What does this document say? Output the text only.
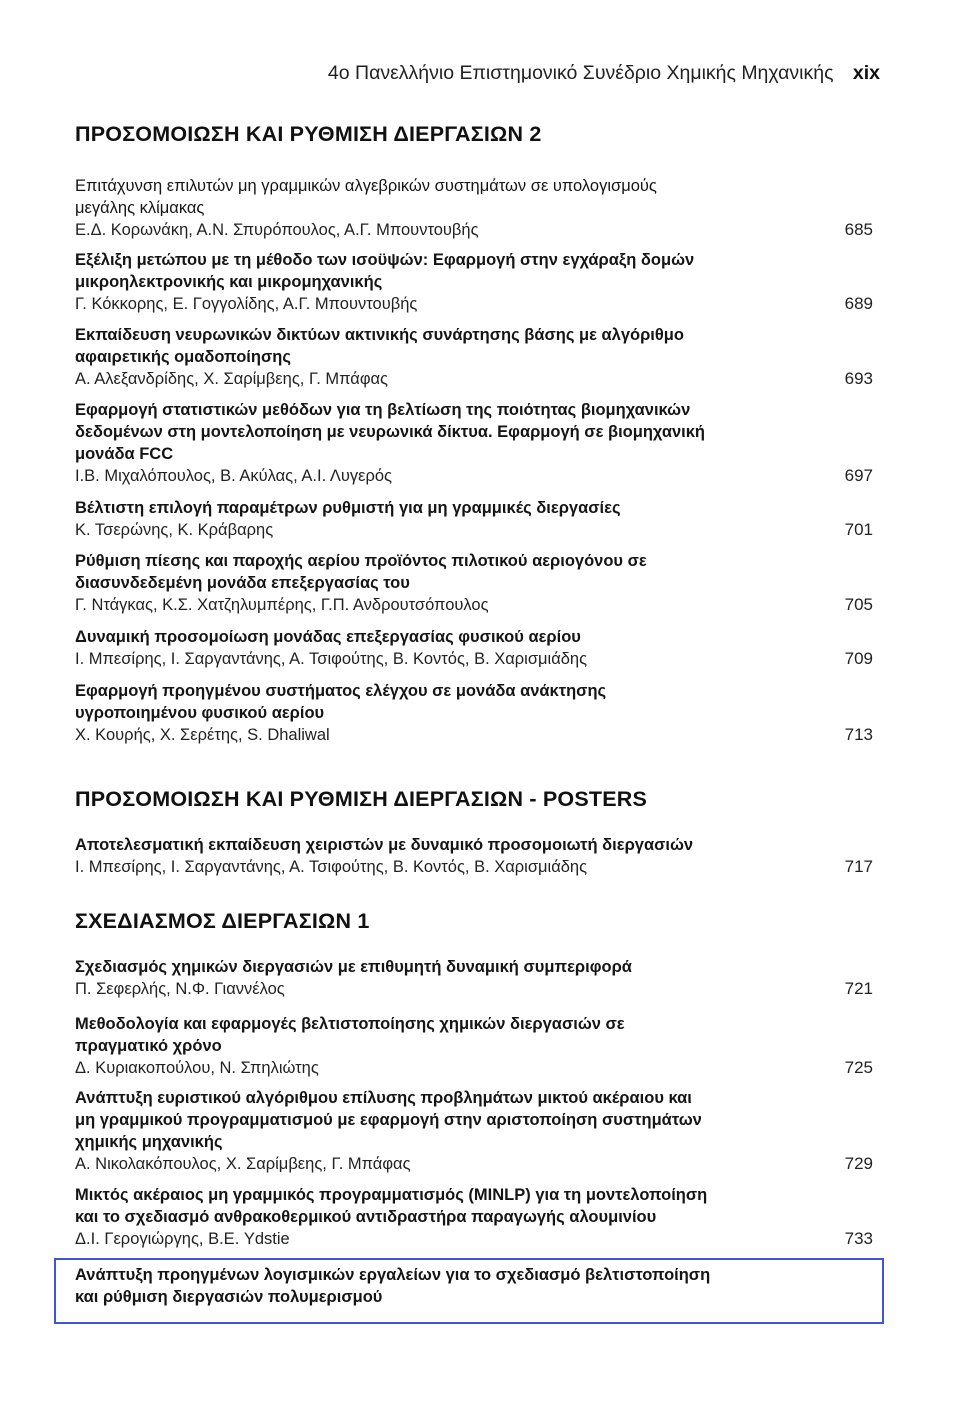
4ο Πανελλήνιο Επιστημονικό Συνέδριο Χημικής Μηχανικής xix
ΠΡΟΣΟΜΟΙΩΣΗ ΚΑΙ ΡΥΘΜΙΣΗ ΔΙΕΡΓΑΣΙΩΝ 2
Επιτάχυνση επιλυτών μη γραμμικών αλγεβρικών συστημάτων σε υπολογισμούς
μεγάλης κλίμακας
Ε.Δ. Κορωνάκη, Α.Ν. Σπυρόπουλος, Α.Γ. Μπουντουβής	685
Εξέλιξη μετώπου με τη μέθοδο των ισοϋψών: Εφαρμογή στην εγχάραξη δομών
μικροηλεκτρονικής και μικρομηχανικής
Γ. Κόκκορης, Ε. Γογγολίδης, Α.Γ. Μπουντουβής	689
Εκπαίδευση νευρωνικών δικτύων ακτινικής συνάρτησης βάσης με αλγόριθμο
αφαιρετικής ομαδοποίησης
Α. Αλεξανδρίδης, Χ. Σαρίμβεης, Γ. Μπάφας	693
Εφαρμογή στατιστικών μεθόδων για τη βελτίωση της ποιότητας βιομηχανικών
δεδομένων στη μοντελοποίηση με νευρωνικά δίκτυα. Εφαρμογή σε βιομηχανική
μονάδα FCC
Ι.Β. Μιχαλόπουλος, Β. Ακύλας, Α.Ι. Λυγερός	697
Βέλτιστη επιλογή παραμέτρων ρυθμιστή για μη γραμμικές διεργασίες
Κ. Τσερώνης, Κ. Κράβαρης	701
Ρύθμιση πίεσης και παροχής αερίου προϊόντος πιλοτικού αεριογόνου σε
διασυνδεδεμένη μονάδα επεξεργασίας του
Γ. Ντάγκας, Κ.Σ. Χατζηλυμπέρης, Γ.Π. Ανδρουτσόπουλος	705
Δυναμική προσομοίωση μονάδας επεξεργασίας φυσικού αερίου
Ι. Μπεσίρης, Ι. Σαργαντάνης, Α. Τσιφούτης, Β. Κοντός, Β. Χαρισμιάδης	709
Εφαρμογή προηγμένου συστήματος ελέγχου σε μονάδα ανάκτησης
υγροποιημένου φυσικού αερίου
Χ. Κουρής, Χ. Σερέτης, S. Dhaliwal	713
ΠΡΟΣΟΜΟΙΩΣΗ ΚΑΙ ΡΥΘΜΙΣΗ ΔΙΕΡΓΑΣΙΩΝ - POSTERS
Αποτελεσματική εκπαίδευση χειριστών με δυναμικό προσομοιωτή διεργασιών
Ι. Μπεσίρης, Ι. Σαργαντάνης, Α. Τσιφούτης, Β. Κοντός, Β. Χαρισμιάδης	717
ΣΧΕΔΙΑΣΜΟΣ ΔΙΕΡΓΑΣΙΩΝ 1
Σχεδιασμός χημικών διεργασιών με επιθυμητή δυναμική συμπεριφορά
Π. Σεφερλής, Ν.Φ. Γιαννέλος	721
Μεθοδολογία και εφαρμογές βελτιστοποίησης χημικών διεργασιών σε
πραγματικό χρόνο
Δ. Κυριακοπούλου, Ν. Σπηλιώτης	725
Ανάπτυξη ευριστικού αλγόριθμου επίλυσης προβλημάτων μικτού ακέραιου και
μη γραμμικού προγραμματισμού με εφαρμογή στην αριστοποίηση συστημάτων
χημικής μηχανικής
Α. Νικολακόπουλος, Χ. Σαρίμβεης, Γ. Μπάφας	729
Μικτός ακέραιος μη γραμμικός προγραμματισμός (MINLP) για τη μοντελοποίηση
και το σχεδιασμό ανθρακοθερμικού αντιδραστήρα παραγωγής αλουμινίου
Δ.Ι. Γερογιώργης, Β.Ε. Ydstie	733
Ανάπτυξη προηγμένων λογισμικών εργαλείων για το σχεδιασμό βελτιστοποίηση
και ρύθμιση διεργασιών πολυμερισμού
